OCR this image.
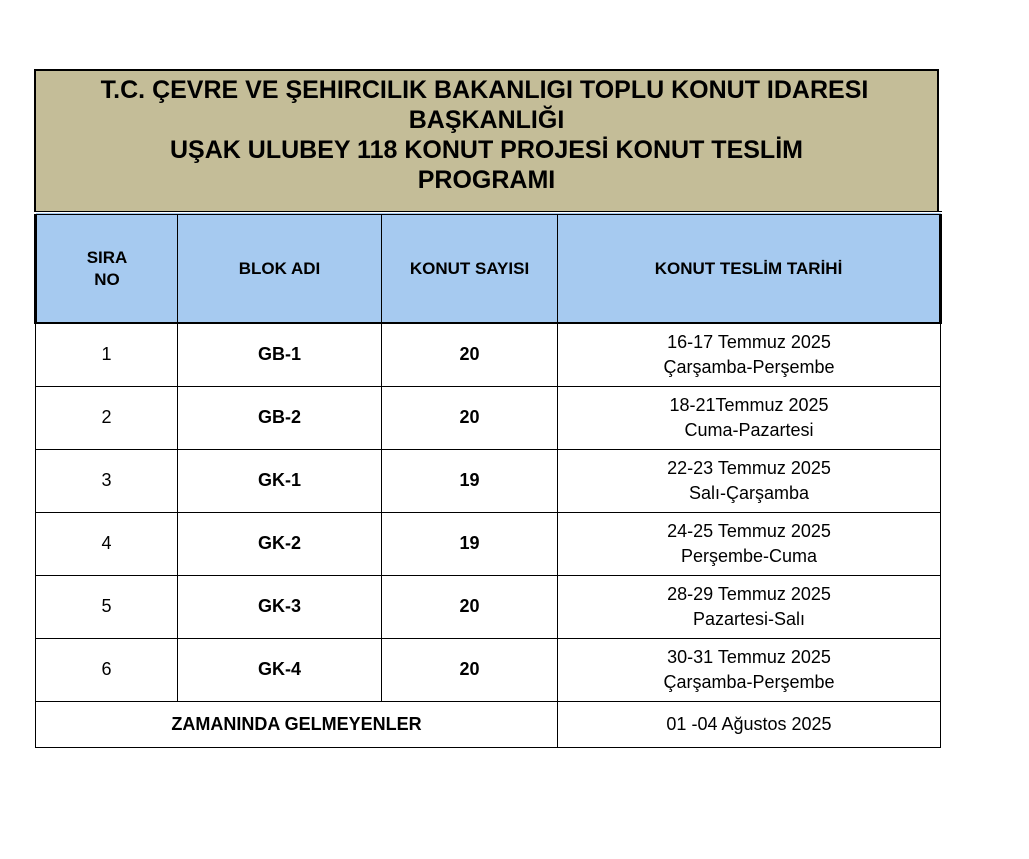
T.C. ÇEVRE VE ŞEHIRCILIK BAKANLIGI TOPLU KONUT IDARESI
BAŞKANLIĞI
UŞAK ULUBEY 118 KONUT PROJESİ KONUT TESLİM
PROGRAMI
SIRA
NO	BLOK ADI	KONUT SAYISI	KONUT TESLİM TARİHİ
1	GB-1	20	16-17 Temmuz 2025
Çarşamba-Perşembe

2	GB-2	20	18-21Temmuz 2025
Cuma-Pazartesi

3	GK-1	19	22-23 Temmuz 2025
Salı-Çarşamba

4	GK-2	19	24-25 Temmuz 2025
Perşembe-Cuma

5	GK-3	20	28-29 Temmuz 2025
Pazartesi-Salı

6	GK-4	20	30-31 Temmuz 2025
Çarşamba-Perşembe

ZAMANINDA GELMEYENLER			01 -04 Ağustos 2025
